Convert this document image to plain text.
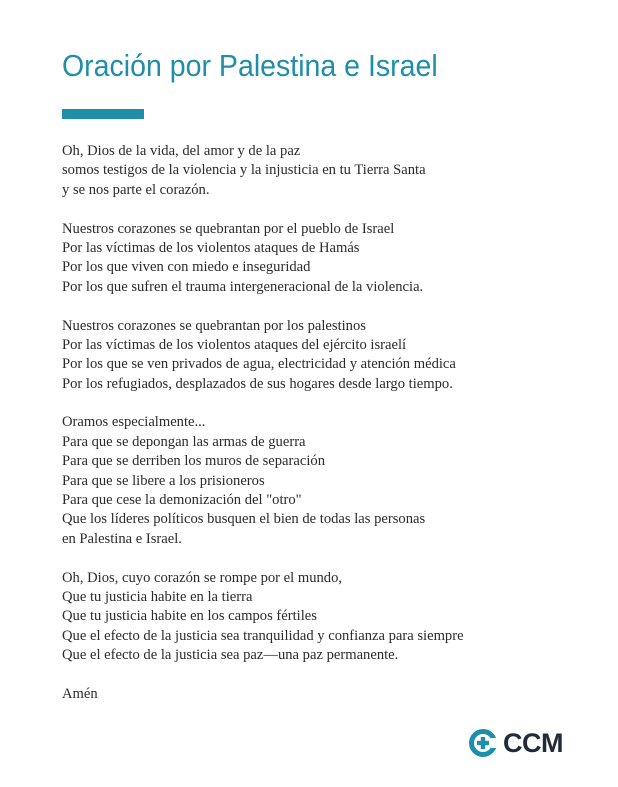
Oración por Palestina e Israel
Oh, Dios de la vida, del amor y de la paz
somos testigos de la violencia y la injusticia en tu Tierra Santa
y se nos parte el corazón.
Nuestros corazones se quebrantan por el pueblo de Israel
Por las víctimas de los violentos ataques de Hamás
Por los que viven con miedo e inseguridad
Por los que sufren el trauma intergeneracional de la violencia.
Nuestros corazones se quebrantan por los palestinos
Por las víctimas de los violentos ataques del ejército israelí
Por los que se ven privados de agua, electricidad y atención médica
Por los refugiados, desplazados de sus hogares desde largo tiempo.
Oramos especialmente...
Para que se depongan las armas de guerra
Para que se derriben los muros de separación
Para que se libere a los prisioneros
Para que cese la demonización del "otro"
Que los líderes políticos busquen el bien de todas las personas
en Palestina e Israel.
Oh, Dios, cuyo corazón se rompe por el mundo,
Que tu justicia habite en la tierra
Que tu justicia habite en los campos fértiles
Que el efecto de la justicia sea tranquilidad y confianza para siempre
Que el efecto de la justicia sea paz—una paz permanente.
Amén
CCM
